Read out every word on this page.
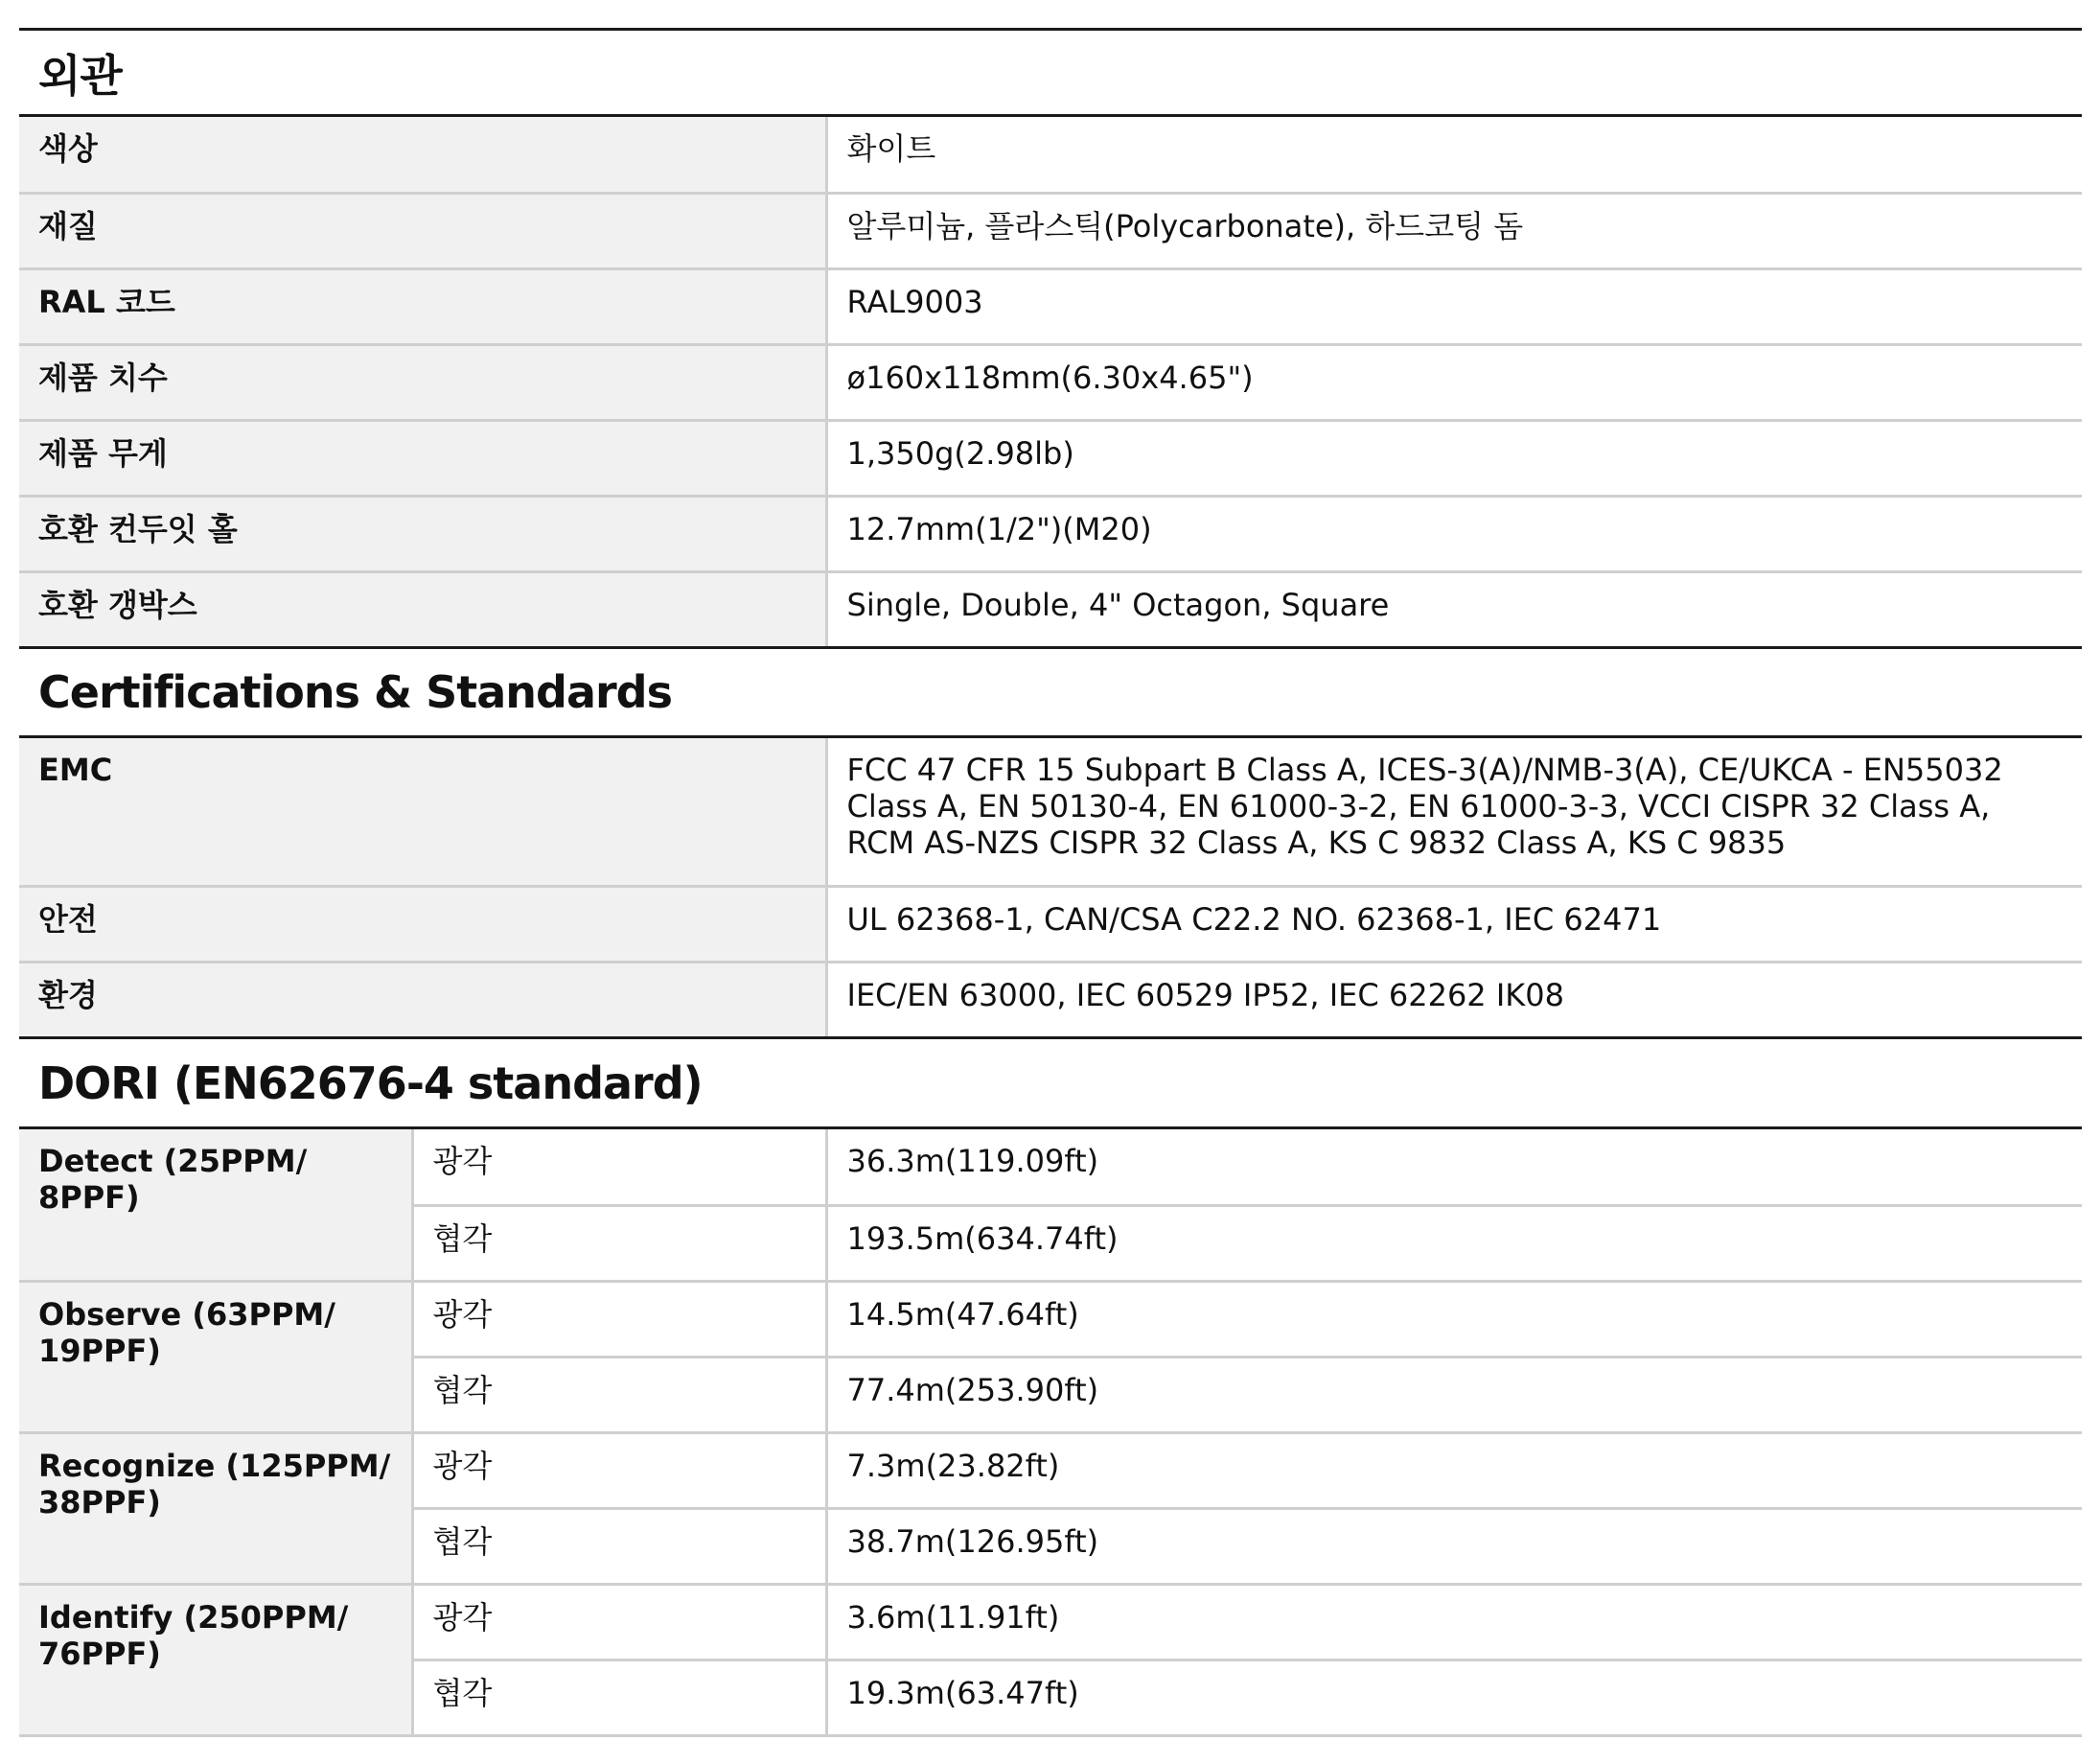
외관
색상	화이트
재질	알루미늄, 플라스틱(Polycarbonate), 하드코팅 돔
RAL 코드	RAL9003
제품 치수	ø160x118mm(6.30x4.65")
제품 무게	1,350g(2.98lb)
호환 컨두잇 홀	12.7mm(1/2")(M20)
호환 갱박스	Single, Double, 4" Octagon, Square
Certifications & Standards
EMC	FCC 47 CFR 15 Subpart B Class A, ICES-3(A)/NMB-3(A), CE/UKCA - EN55032 Class A, EN 50130-4, EN 61000-3-2, EN 61000-3-3, VCCI CISPR 32 Class A, RCM AS-NZS CISPR 32 Class A, KS C 9832 Class A, KS C 9835
안전	UL 62368-1, CAN/CSA C22.2 NO. 62368-1, IEC 62471
환경	IEC/EN 63000, IEC 60529 IP52, IEC 62262 IK08
DORI (EN62676-4 standard)
Detect (25PPM/ 8PPF)	광각	36.3m(119.09ft)
	협각	193.5m(634.74ft)
Observe (63PPM/ 19PPF)	광각	14.5m(47.64ft)
	협각	77.4m(253.90ft)
Recognize (125PPM/ 38PPF)	광각	7.3m(23.82ft)
	협각	38.7m(126.95ft)
Identify (250PPM/ 76PPF)	광각	3.6m(11.91ft)
	협각	19.3m(63.47ft)
